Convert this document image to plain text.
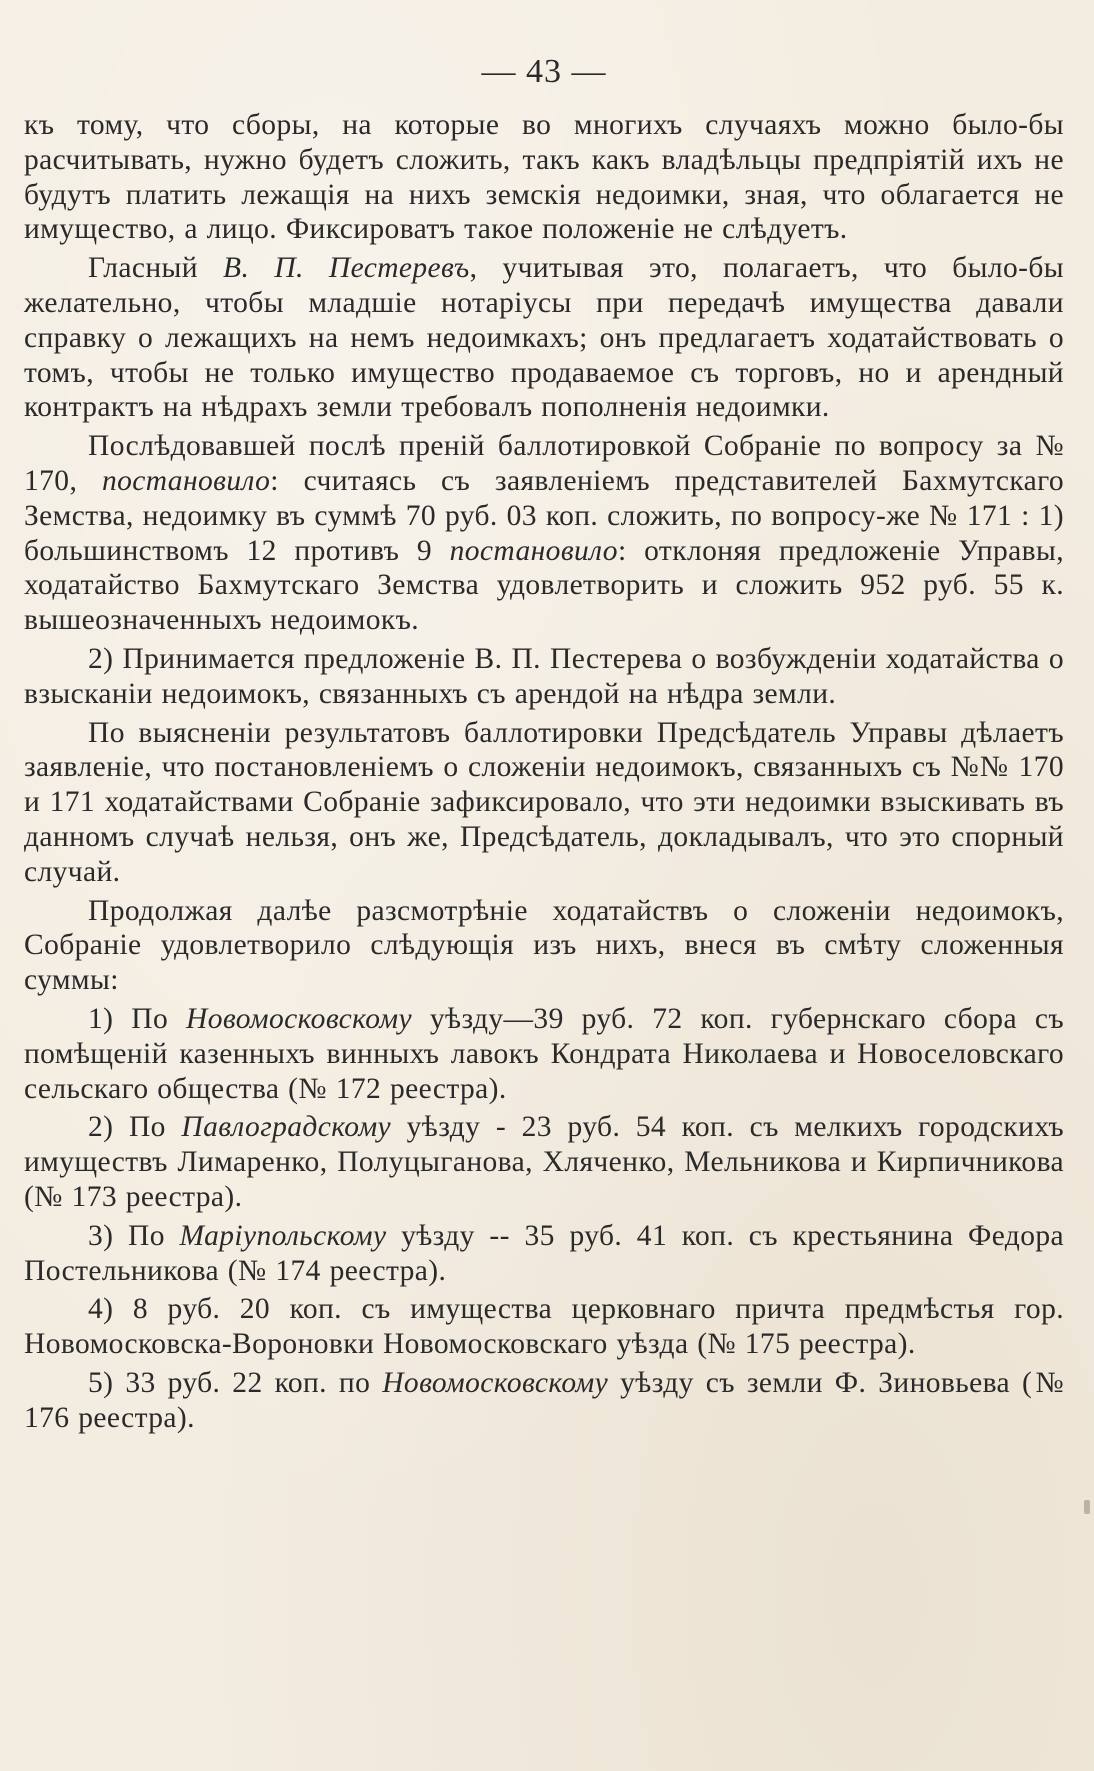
— 43 —

къ тому, что сборы, на которые во многихъ случаяхъ можно было-бы расчитывать, нужно будетъ сложить, такъ какъ владѣльцы предпріятій ихъ не будутъ платить лежащія на нихъ земскія недоимки, зная, что облагается не имущество, а лицо. Фиксироватъ такое положеніе не слѣдуетъ.

Гласный В. П. Пестеревъ, учитывая это, полагаетъ, что было-бы желательно, чтобы младшіе нотаріусы при передачѣ имущества давали справку о лежащихъ на немъ недоимкахъ; онъ предлагаетъ ходатайствовать о томъ, чтобы не только имущество продаваемое съ торговъ, но и арендный контрактъ на нѣдрахъ земли требовалъ пополненія недоимки.

Послѣдовавшей послѣ преній баллотировкой Собраніе по вопросу за № 170, постановило: считаясь съ заявленіемъ представителей Бахмутскаго Земства, недоимку въ суммѣ 70 руб. 03 коп. сложить, по вопросу-же № 171 : 1) большинствомъ 12 противъ 9 постановило: отклоняя предложеніе Управы, ходатайство Бахмутскаго Земства удовлетворить и сложить 952 руб. 55 к. вышеозначенныхъ недоимокъ.

2) Принимается предложеніе В. П. Пестерева о возбужденіи ходатайства о взысканіи недоимокъ, связанныхъ съ арендой на нѣдра земли.

По выясненіи результатовъ баллотировки Предсѣдатель Управы дѣлаетъ заявленіе, что постановленіемъ о сложеніи недоимокъ, связанныхъ съ №№ 170 и 171 ходатайствами Собраніе зафиксировало, что эти недоимки взыскивать въ данномъ случаѣ нельзя, онъ же, Предсѣдатель, докладывалъ, что это спорный случай.

Продолжая далѣе разсмотрѣніе ходатайствъ о сложеніи недоимокъ, Собраніе удовлетворило слѣдующія изъ нихъ, внеся въ смѣту сложенныя суммы:

1) По Новомосковскому уѣзду—39 руб. 72 коп. губернскаго сбора съ помѣщеній казенныхъ винныхъ лавокъ Кондрата Николаева и Новоселовскаго сельскаго общества (№ 172 реестра).

2) По Павлоградскому уѣзду - 23 руб. 54 коп. съ мелкихъ городскихъ имуществъ Лимаренко, Полуцыганова, Хляченко, Мельникова и Кирпичникова (№ 173 реестра).

3) По Маріупольскому уѣзду -- 35 руб. 41 коп. съ крестьянина Федора Постельникова (№ 174 реестра).

4) 8 руб. 20 коп. съ имущества церковнаго причта предмѣстья гор. Новомосковска-Вороновки Новомосковскаго уѣзда (№ 175 реестра).

5) 33 руб. 22 коп. по Новомосковскому уѣзду съ земли Ф. Зиновьева (№ 176 реестра).
